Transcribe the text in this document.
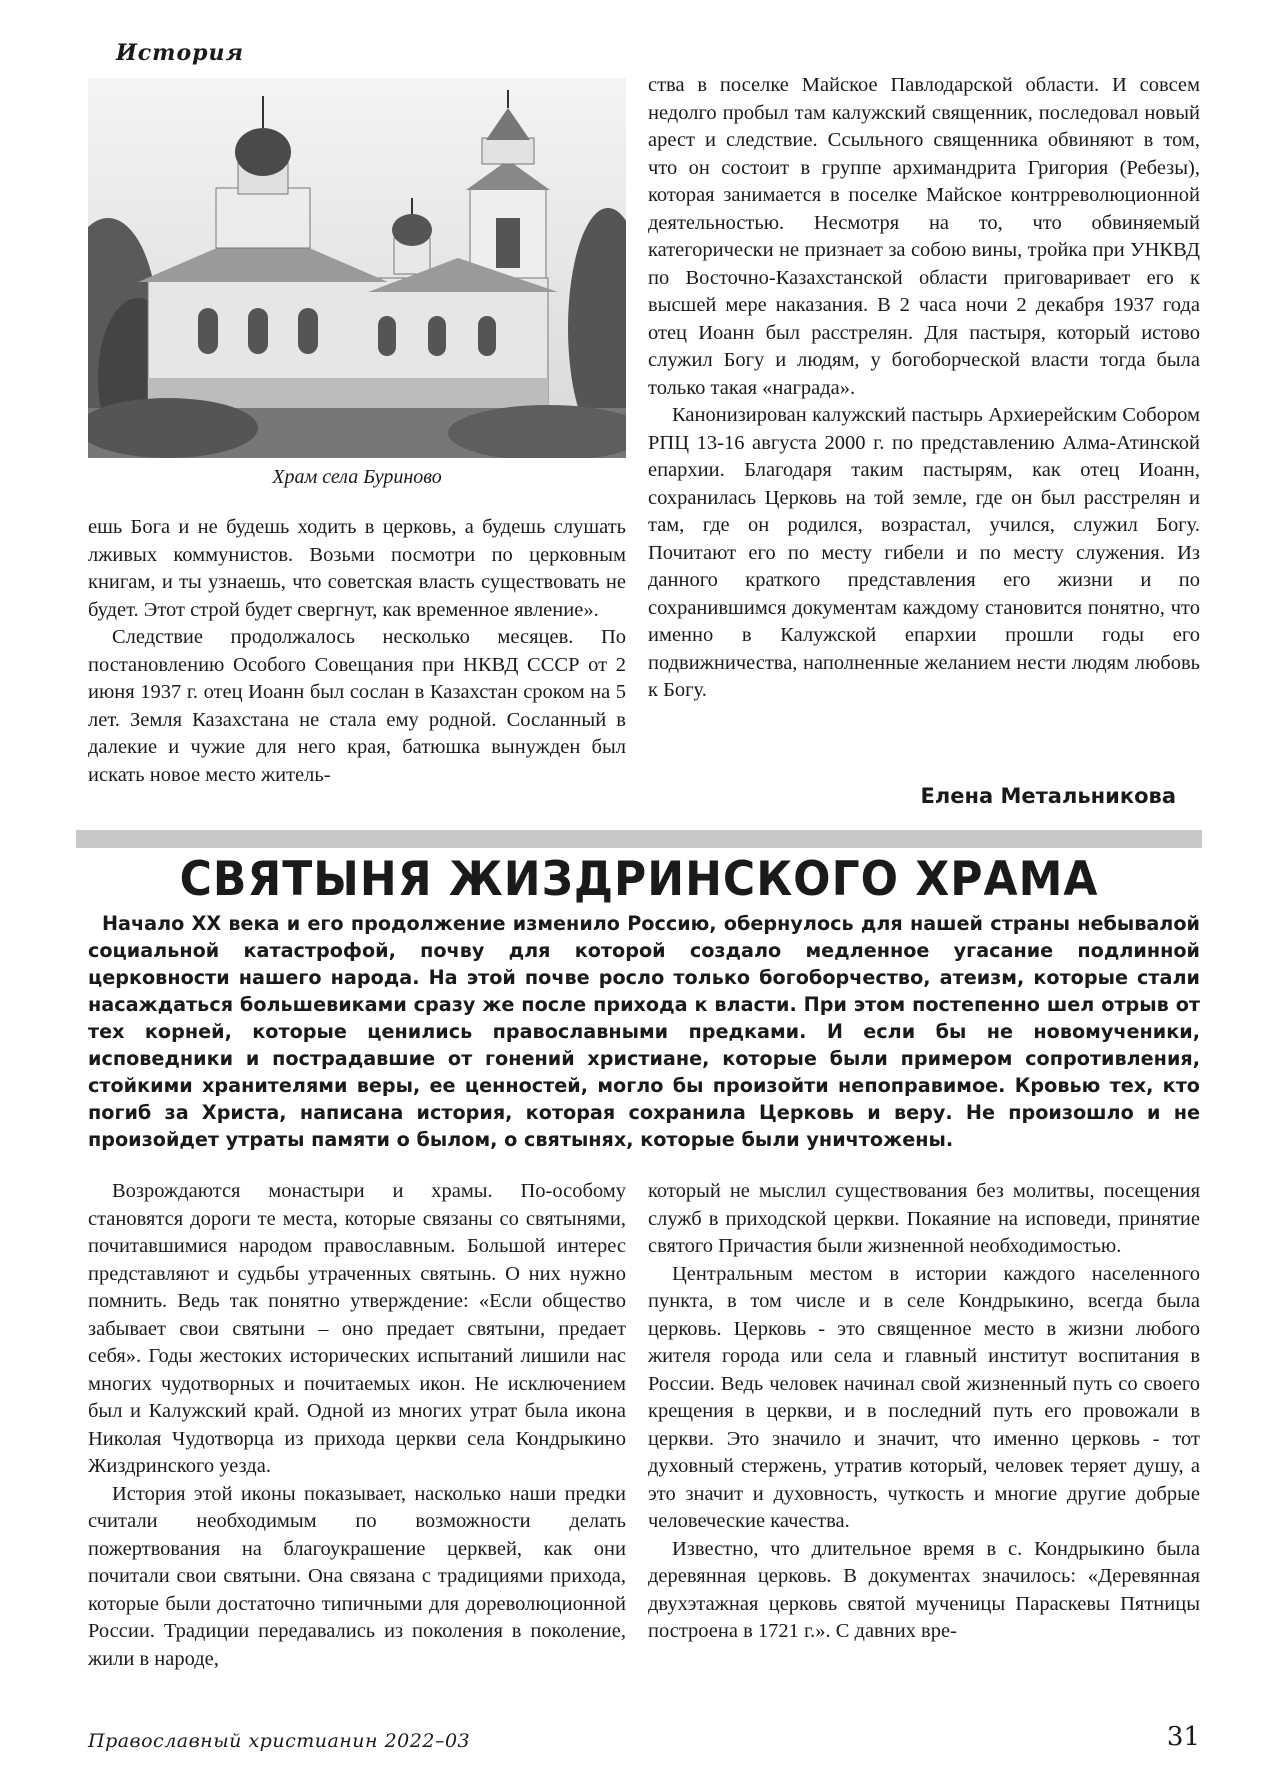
История
Храм села Буриново

ства в поселке Майское Павлодарской области. И совсем недолго пробыл там калужский священник, последовал новый арест и следствие. Ссыльного священника обвиняют в том, что он состоит в группе архимандрита Григория (Ребезы), которая занимается в поселке Майское контрреволюционной деятельностью. Несмотря на то, что обвиняемый категорически не признает за собою вины, тройка при УНКВД по Восточно-Казахстанской области приговаривает его к высшей мере наказания. В 2 часа ночи 2 декабря 1937 года отец Иоанн был расстрелян. Для пастыря, который истово служил Богу и людям, у богоборческой власти тогда была только такая «награда».

Канонизирован калужский пастырь Архиерейским Собором РПЦ 13-16 августа 2000 г. по представлению Алма-Атинской епархии. Благодаря таким пастырям, как отец Иоанн, сохранилась Церковь на той земле, где он был расстрелян и там, где он родился, возрастал, учился, служил Богу. Почитают его по месту гибели и по месту служения. Из данного краткого представления его жизни и по сохранившимся документам каждому становится понятно, что именно в Калужской епархии прошли годы его подвижничества, наполненные желанием нести людям любовь к Богу.

ешь Бога и не будешь ходить в церковь, а будешь слушать лживых коммунистов. Возьми посмотри по церковным книгам, и ты узнаешь, что советская власть существовать не будет. Этот строй будет свергнут, как временное явление».

Следствие продолжалось несколько месяцев. По постановлению Особого Совещания при НКВД СССР от 2 июня 1937 г. отец Иоанн был сослан в Казахстан сроком на 5 лет. Земля Казахстана не стала ему родной. Сосланный в далекие и чужие для него края, батюшка вынужден был искать новое место житель-

Елена Метальникова
СВЯТЫНЯ ЖИЗДРИНСКОГО ХРАМА

Начало XX века и его продолжение изменило Россию, обернулось для нашей страны небывалой социальной катастрофой, почву для которой создало медленное угасание подлинной церковности нашего народа. На этой почве росло только богоборчество, атеизм, которые стали насаждаться большевиками сразу же после прихода к власти. При этом постепенно шел отрыв от тех корней, которые ценились православными предками. И если бы не новомученики, исповедники и пострадавшие от гонений христиане, которые были примером сопротивления, стойкими хранителями веры, ее ценностей, могло бы произойти непоправимое. Кровью тех, кто погиб за Христа, написана история, которая сохранила Церковь и веру. Не произошло и не произойдет утраты памяти о былом, о святынях, которые были уничтожены.

Возрождаются монастыри и храмы. По-особому становятся дороги те места, которые связаны со святынями, почитавшимися народом православным. Большой интерес представляют и судьбы утраченных святынь. О них нужно помнить. Ведь так понятно утверждение: «Если общество забывает свои святыни – оно предает святыни, предает себя». Годы жестоких исторических испытаний лишили нас многих чудотворных и почитаемых икон. Не исключением был и Калужский край. Одной из многих утрат была икона Николая Чудотворца из прихода церкви села Кондрыкино Жиздринского уезда.

История этой иконы показывает, насколько наши предки считали необходимым по возможности делать пожертвования на благоукрашение церквей, как они почитали свои святыни. Она связана с традициями прихода, которые были достаточно типичными для дореволюционной России. Традиции передавались из поколения в поколение, жили в народе,

который не мыслил существования без молитвы, посещения служб в приходской церкви. Покаяние на исповеди, принятие святого Причастия были жизненной необходимостью.

Центральным местом в истории каждого населенного пункта, в том числе и в селе Кондрыкино, всегда была церковь. Церковь - это священное место в жизни любого жителя города или села и главный институт воспитания в России. Ведь человек начинал свой жизненный путь со своего крещения в церкви, и в последний путь его провожали в церкви. Это значило и значит, что именно церковь - тот духовный стержень, утратив который, человек теряет душу, а это значит и духовность, чуткость и многие другие добрые человеческие качества.

Известно, что длительное время в с. Кондрыкино была деревянная церковь. В документах значилось: «Деревянная двухэтажная церковь святой мученицы Параскевы Пятницы построена в 1721 г.». С давних вре-

Православный христианин 2022–03	31
